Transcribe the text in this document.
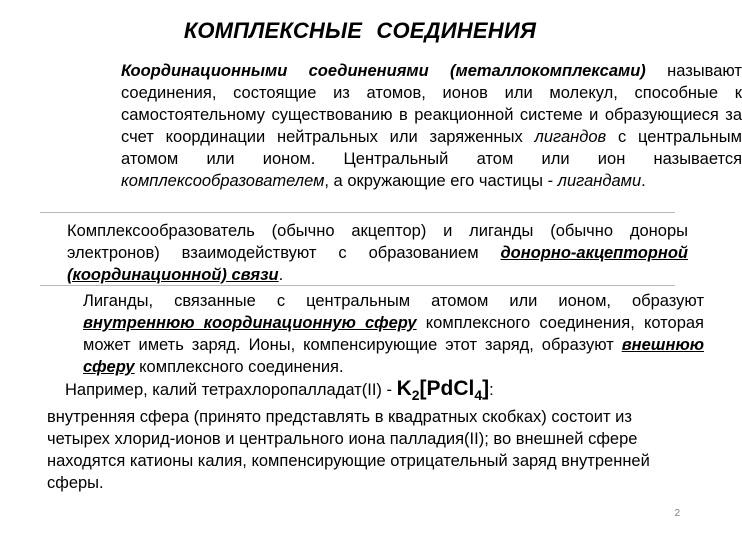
КОМПЛЕКСНЫЕ СОЕДИНЕНИЯ
Координационными соединениями (металлокомплексами) называют соединения, состоящие из атомов, ионов или молекул, способные к самостоятельному существованию в реакционной системе и образующиеся за счет координации нейтральных или заряженных лигандов с центральным атомом или ионом. Центральный атом или ион называется комплексообразователем, а окружающие его частицы - лигандами.
Комплексообразователь (обычно акцептор) и лиганды (обычно доноры электронов) взаимодействуют с образованием донорно-акцепторной (координационной) связи.
Лиганды, связанные с центральным атомом или ионом, образуют внутреннюю координационную сферу комплексного соединения, которая может иметь заряд. Ионы, компенсирующие этот заряд, образуют внешнюю сферу комплексного соединения.
Например, калий тетрахлоропалладат(II) - $K_2[PdCl_4]$:
внутренняя сфера (принято представлять в квадратных скобках) состоит из четырех хлорид-ионов и центрального иона палладия(II); во внешней сфере находятся катионы калия, компенсирующие отрицательный заряд внутренней сферы.
2
